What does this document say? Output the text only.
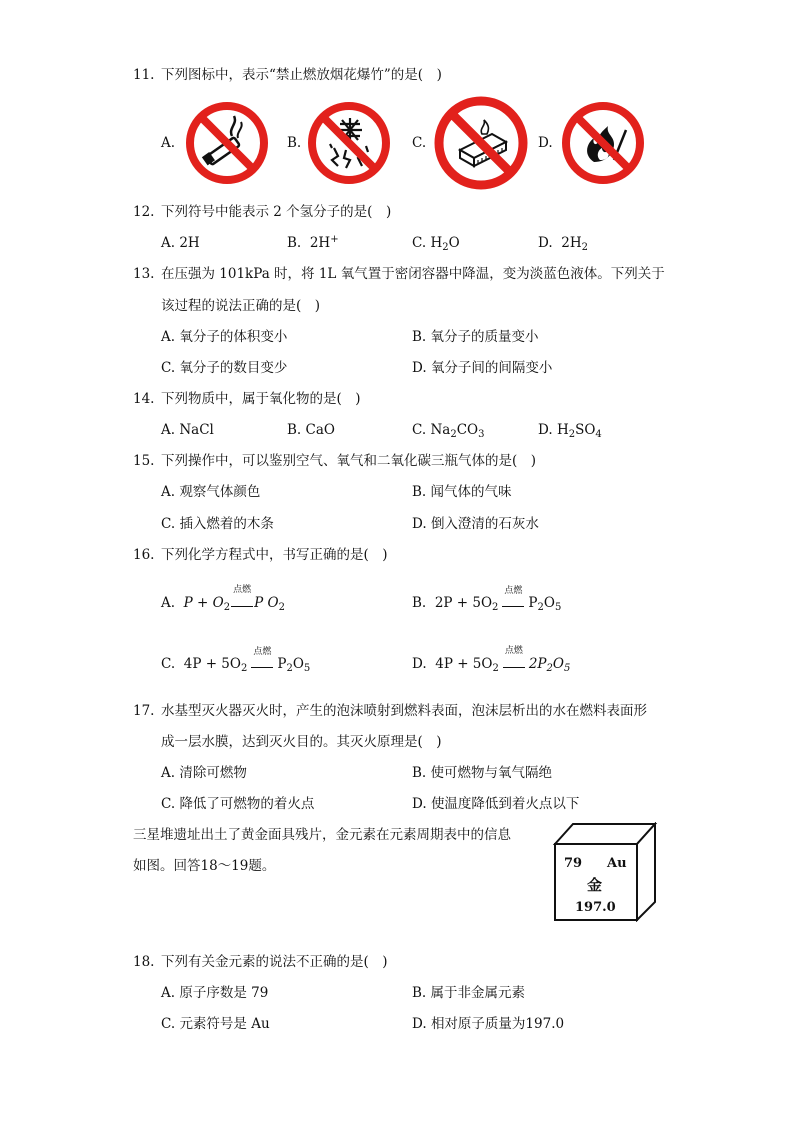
11. 下列图标中，表示“禁止燃放烟花爆竹”的是(　)
A.	B.	C.	D.
12. 下列符号中能表示 2 个氢分子的是(　)
A. 2H	B. 2H+	C. $H_2O$	D. $2H_2$
13. 在压强为 101kPa 时，将 1L 氧气置于密闭容器中降温，变为淡蓝色液体。下列关于
该过程的说法正确的是(　)
A. 氧分子的体积变小	B. 氧分子的质量变小
C. 氧分子的数目变少	D. 氧分子间的间隔变小
14. 下列物质中，属于氧化物的是(　)
A. NaCl	B. CaO	C. $Na_2CO_3$	D. $H_2SO_4$
15. 下列操作中，可以鉴别空气、氧气和二氧化碳三瓶气体的是(　)
A. 观察气体颜色	B. 闻气体的气味
C. 插入燃着的木条	D. 倒入澄清的石灰水
16. 下列化学方程式中，书写正确的是(　)
A. $P + O_2$
点燃
P $O_2$	B. $2P + 5O_2$
点燃
$P_2O_5$
C. $4P + 5O_2$
点燃
$P_2O_5$	D. $4P + 5O_2$
点燃
$2P_2O_5$
17. 水基型灭火器灭火时，产生的泡沫喷射到燃料表面，泡沫层析出的水在燃料表面形
成一层水膜，达到灭火目的。其灭火原理是(　)
A. 清除可燃物	B. 使可燃物与氧气隔绝
C. 降低了可燃物的着火点	D. 使温度降低到着火点以下
三星堆遗址出土了黄金面具残片，金元素在元素周期表中的信息
如图。回答18～19题。	79 Au
金
197.0
18. 下列有关金元素的说法不正确的是(　)
A. 原子序数是 79	B. 属于非金属元素
C. 元素符号是 Au	D. 相对原子质量为197.0
